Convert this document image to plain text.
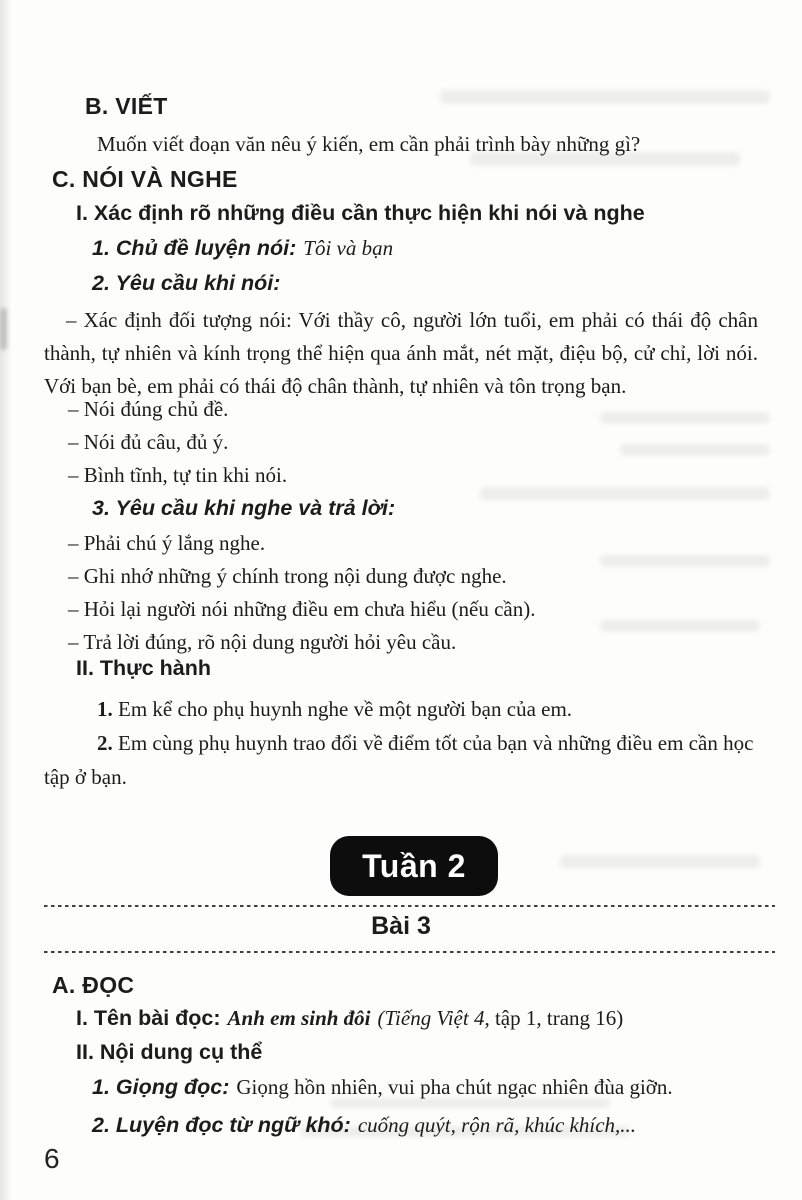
B. VIẾT
Muốn viết đoạn văn nêu ý kiến, em cần phải trình bày những gì?
C. NÓI VÀ NGHE
I. Xác định rõ những điều cần thực hiện khi nói và nghe
1. Chủ đề luyện nói: Tôi và bạn
2. Yêu cầu khi nói:
– Xác định đối tượng nói: Với thầy cô, người lớn tuổi, em phải có thái độ chân thành, tự nhiên và kính trọng thể hiện qua ánh mắt, nét mặt, điệu bộ, cử chỉ, lời nói. Với bạn bè, em phải có thái độ chân thành, tự nhiên và tôn trọng bạn.
– Nói đúng chủ đề.
– Nói đủ câu, đủ ý.
– Bình tĩnh, tự tin khi nói.
3. Yêu cầu khi nghe và trả lời:
– Phải chú ý lắng nghe.
– Ghi nhớ những ý chính trong nội dung được nghe.
– Hỏi lại người nói những điều em chưa hiểu (nếu cần).
– Trả lời đúng, rõ nội dung người hỏi yêu cầu.
II. Thực hành
1. Em kể cho phụ huynh nghe về một người bạn của em.
2. Em cùng phụ huynh trao đổi về điểm tốt của bạn và những điều em cần học tập ở bạn.
Tuần 2
Bài 3
A. ĐỌC
I. Tên bài đọc: Anh em sinh đôi (Tiếng Việt 4, tập 1, trang 16)
II. Nội dung cụ thể
1. Giọng đọc: Giọng hồn nhiên, vui pha chút ngạc nhiên đùa giỡn.
2. Luyện đọc từ ngữ khó: cuống quýt, rộn rã, khúc khích,...
6
